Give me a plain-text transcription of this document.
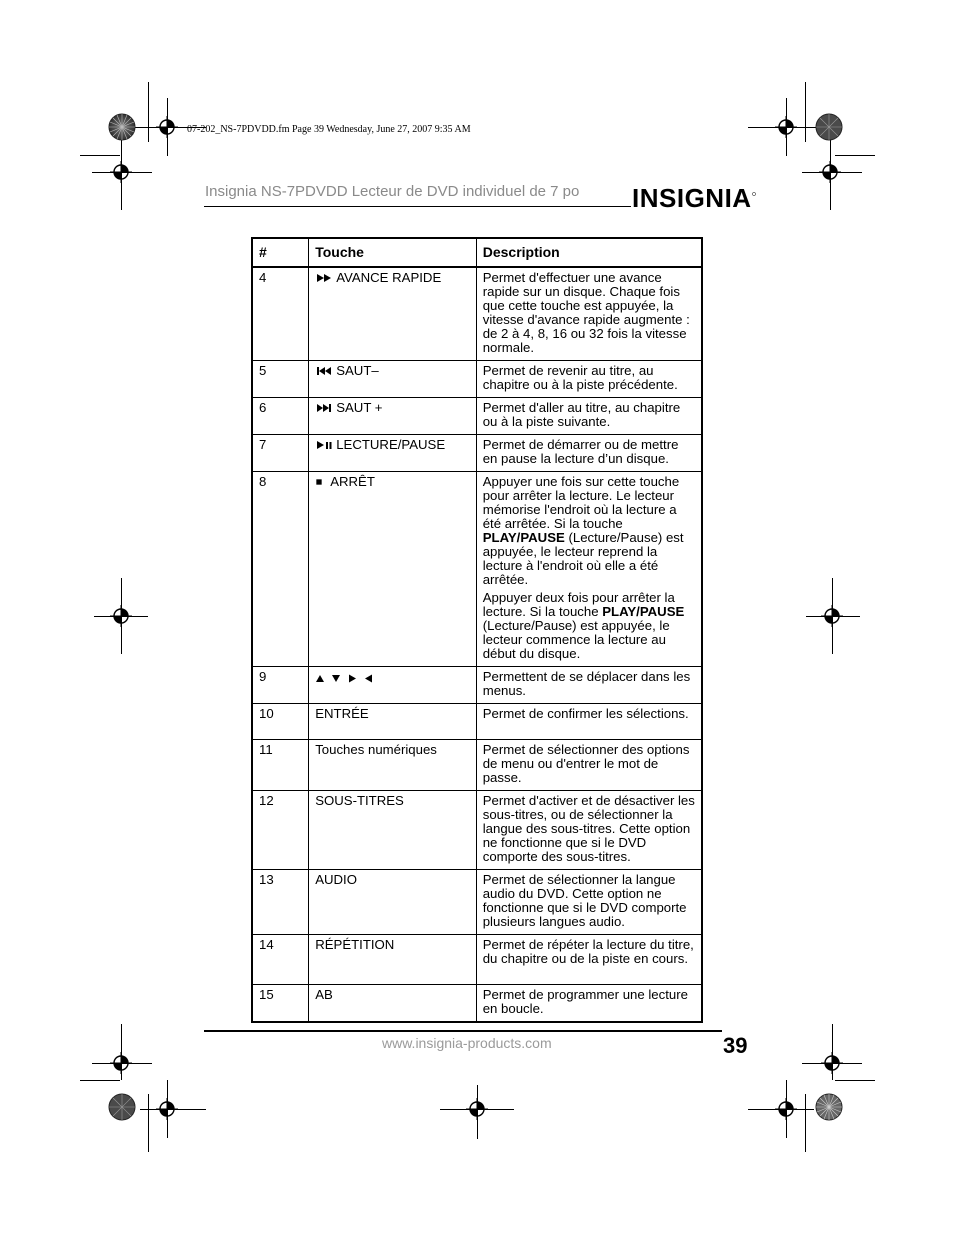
07-202_NS-7PDVDD.fm Page 39 Wednesday, June 27, 2007 9:35 AM
Insignia NS-7PDVDD Lecteur de DVD individuel de 7 po INSIGNIA
#	Touche	Description
4	AVANCE RAPIDE	Permet d'effectuer une avance rapide sur un disque. Chaque fois que cette touche est appuyée, la vitesse d'avance rapide augmente : de 2 à 4, 8, 16 ou 32 fois la vitesse normale.
5	SAUT–	Permet de revenir au titre, au chapitre ou à la piste précédente.
6	SAUT +	Permet d'aller au titre, au chapitre ou à la piste suivante.
7	LECTURE/PAUSE	Permet de démarrer ou de mettre en pause la lecture d’un disque.
8	ARRÊT	Appuyer une fois sur cette touche pour arrêter la lecture. Le lecteur mémorise l'endroit où la lecture a été arrêtée. Si la touche PLAY/PAUSE (Lecture/Pause) est appuyée, le lecteur reprend la lecture à l'endroit où elle a été arrêtée.

Appuyer deux fois pour arrêter la lecture. Si la touche PLAY/PAUSE (Lecture/Pause) est appuyée, le lecteur commence la lecture au début du disque.

9		Permettent de se déplacer dans les menus.
10	ENTRÉE	Permet de confirmer les sélections.
11	Touches numériques	Permet de sélectionner des options de menu ou d'entrer le mot de passe.
12	SOUS-TITRES	Permet d'activer et de désactiver les sous-titres, ou de sélectionner la langue des sous-titres. Cette option ne fonctionne que si le DVD comporte des sous-titres.
13	AUDIO	Permet de sélectionner la langue audio du DVD. Cette option ne fonctionne que si le DVD comporte plusieurs langues audio.
14	RÉPÉTITION	Permet de répéter la lecture du titre, du chapitre ou de la piste en cours.
15	AB	Permet de programmer une lecture en boucle.
www.insignia-products.com	39
